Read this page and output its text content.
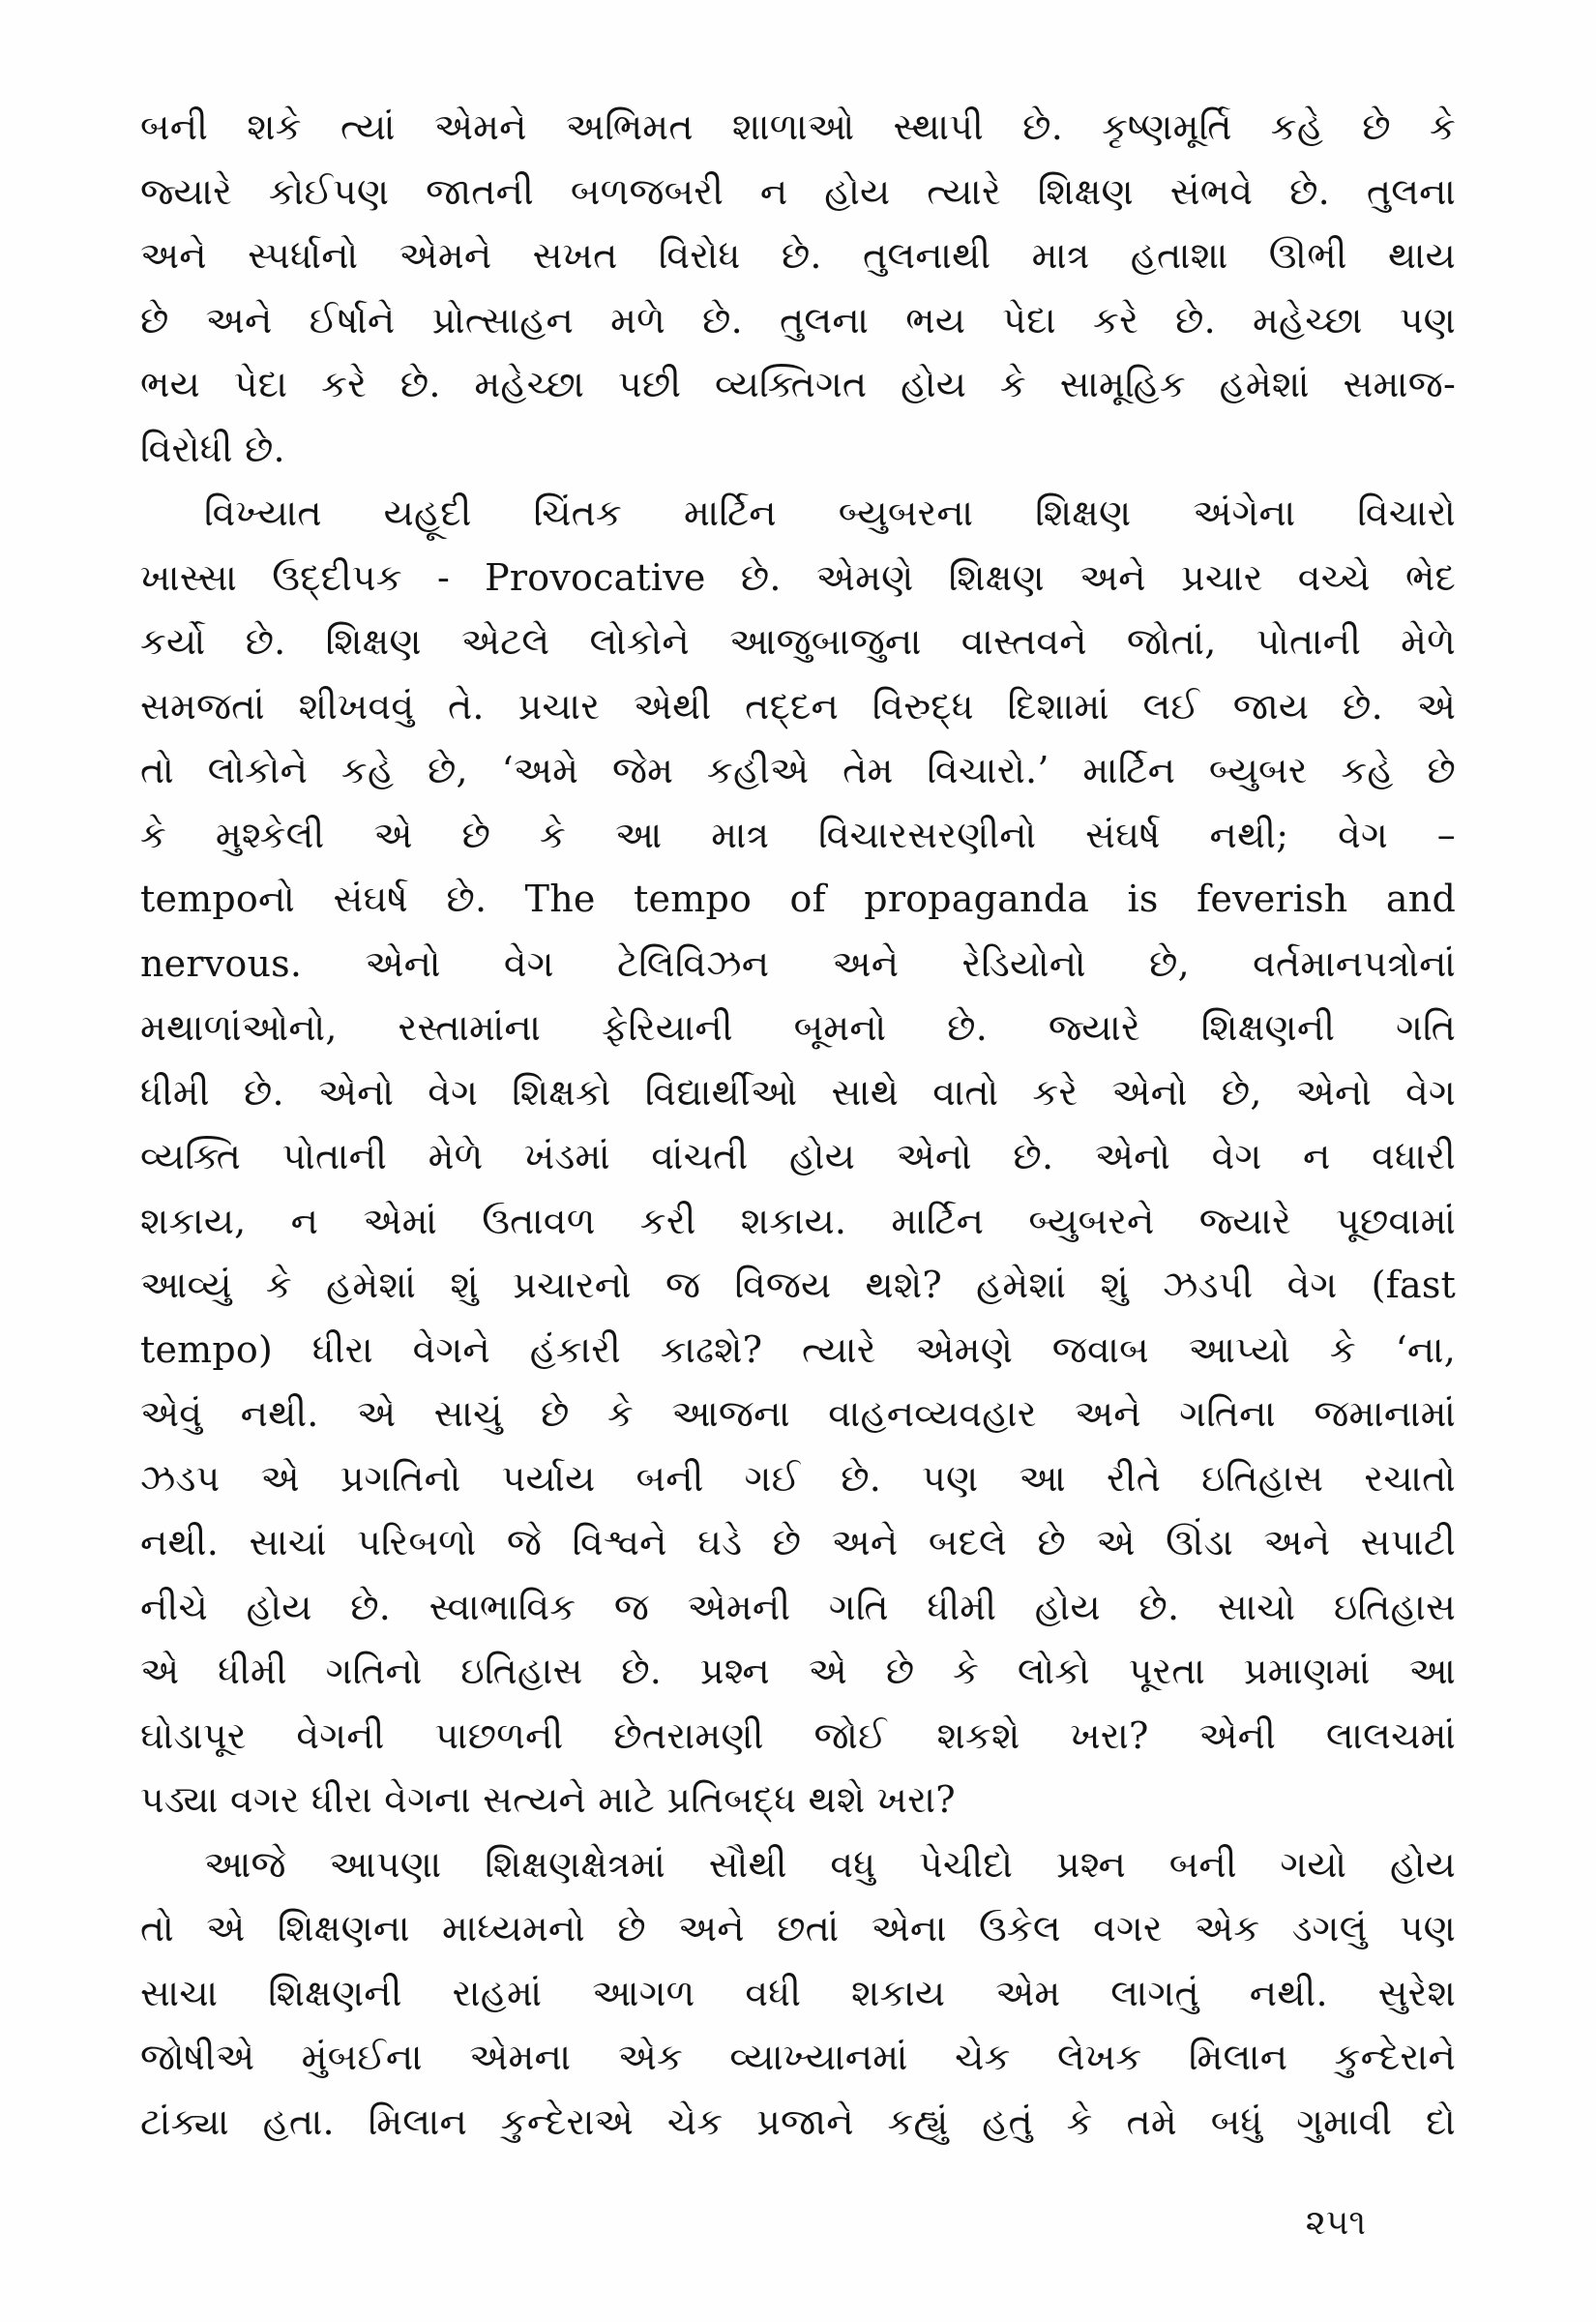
બની શકે ત્યાં એમને અભિમત શાળાઓ સ્થાપી છે. કૃષ્ણમૂર્તિ કહે છે કે
જ્યારે કોઈપણ જાતની બળજબરી ન હોય ત્યારે શિક્ષણ સંભવે છે. તુલના
અને સ્પર્ધાનો એમને સખત વિરોધ છે. તુલનાથી માત્ર હતાશા ઊભી થાય
છે અને ઈર્ષાને પ્રોત્સાહન મળે છે. તુલના ભય પેદા કરે છે. મહેચ્છા પણ
ભય પેદા કરે છે. મહેચ્છા પછી વ્યક્તિગત હોય કે સામૂહિક હમેશાં સમાજ-
વિરોધી છે.
વિખ્યાત યહૂદી ચિંતક માર્ટિન બ્યુબરના શિક્ષણ અંગેના વિચારો
ખાસ્સા ઉદ્દીપક - Provocative છે. એમણે શિક્ષણ અને પ્રચાર વચ્ચે ભેદ
કર્યો છે. શિક્ષણ એટલે લોકોને આજુબાજુના વાસ્તવને જોતાં, પોતાની મેળે
સમજતાં શીખવવું તે. પ્રચાર એથી તદ્દન વિરુદ્ધ દિશામાં લઈ જાય છે. એ
તો લોકોને કહે છે, ‘અમે જેમ કહીએ તેમ વિચારો.’ માર્ટિન બ્યુબર કહે છે
કે મુશ્કેલી એ છે કે આ માત્ર વિચારસરણીનો સંઘર્ષ નથી; વેગ –
tempoનો સંઘર્ષ છે. The tempo of propaganda is feverish and
nervous. એનો વેગ ટેલિવિઝન અને રેડિયોનો છે, વર્તમાનપત્રોનાં
મથાળાંઓનો, રસ્તામાંના ફેરિયાની બૂમનો છે. જ્યારે શિક્ષણની ગતિ
ધીમી છે. એનો વેગ શિક્ષકો વિદ્યાર્થીઓ સાથે વાતો કરે એનો છે, એનો વેગ
વ્યક્તિ પોતાની મેળે ખંડમાં વાંચતી હોય એનો છે. એનો વેગ ન વધારી
શકાય, ન એમાં ઉતાવળ કરી શકાય. માર્ટિન બ્યુબરને જ્યારે પૂછવામાં
આવ્યું કે હમેશાં શું પ્રચારનો જ વિજય થશે? હમેશાં શું ઝડપી વેગ (fast
tempo) ધીરા વેગને હંકારી કાઢશે? ત્યારે એમણે જવાબ આપ્યો કે ‘ના,
એવું નથી. એ સાચું છે કે આજના વાહનવ્યવહાર અને ગતિના જમાનામાં
ઝડપ એ પ્રગતિનો પર્યાય બની ગઈ છે. પણ આ રીતે ઇતિહાસ રચાતો
નથી. સાચાં પરિબળો જે વિશ્વને ઘડે છે અને બદલે છે એ ઊંડા અને સપાટી
નીચે હોય છે. સ્વાભાવિક જ એમની ગતિ ધીમી હોય છે. સાચો ઇતિહાસ
એ ધીમી ગતિનો ઇતિહાસ છે. પ્રશ્ન એ છે કે લોકો પૂરતા પ્રમાણમાં આ
ઘોડાપૂર વેગની પાછળની છેતરામણી જોઈ શકશે ખરા? એની લાલચમાં
પડ્યા વગર ધીરા વેગના સત્યને માટે પ્રતિબદ્ધ થશે ખરા?
આજે આપણા શિક્ષણક્ષેત્રમાં સૌથી વધુ પેચીદો પ્રશ્ન બની ગયો હોય
તો એ શિક્ષણના માધ્યમનો છે અને છતાં એના ઉકેલ વગર એક ડગલું પણ
સાચા શિક્ષણની રાહમાં આગળ વધી શકાય એમ લાગતું નથી. સુરેશ
જોષીએ મુંબઈના એમના એક વ્યાખ્યાનમાં ચેક લેખક મિલાન કુન્દેરાને
ટાંક્યા હતા. મિલાન કુન્દેરાએ ચેક પ્રજાને કહ્યું હતું કે તમે બધું ગુમાવી દો
૨૫૧
